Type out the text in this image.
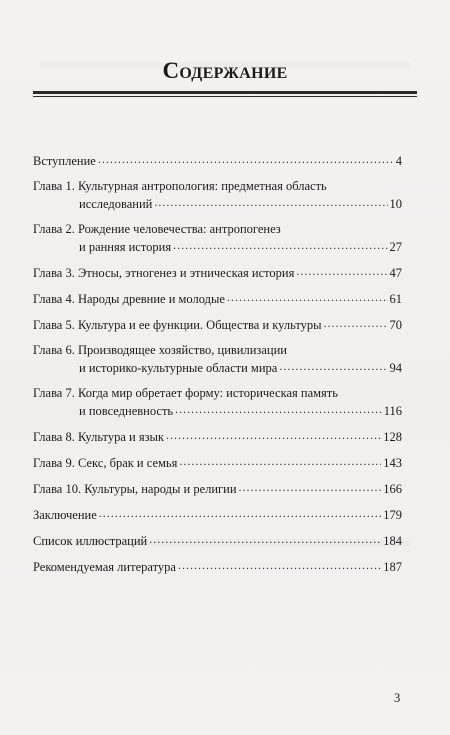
Содержание
Вступление .....	4
Глава 1. Культурная антропология: предметная область
исследований .....	10
Глава 2. Рождение человечества: антропогенез
и ранняя история .....	27
Глава 3. Этносы, этногенез и этническая история .....	47
Глава 4. Народы древние и молодые .....	61
Глава 5. Культура и ее функции. Общества и культуры .....	70
Глава 6. Производящее хозяйство, цивилизации
и историко-культурные области мира .....	94
Глава 7. Когда мир обретает форму: историческая память
и повседневность .....	116
Глава 8. Культура и язык .....	128
Глава 9. Секс, брак и семья .....	143
Глава 10. Культуры, народы и религии .....	166
Заключение .....	179
Список иллюстраций .....	184
Рекомендуемая литература .....	187
3
